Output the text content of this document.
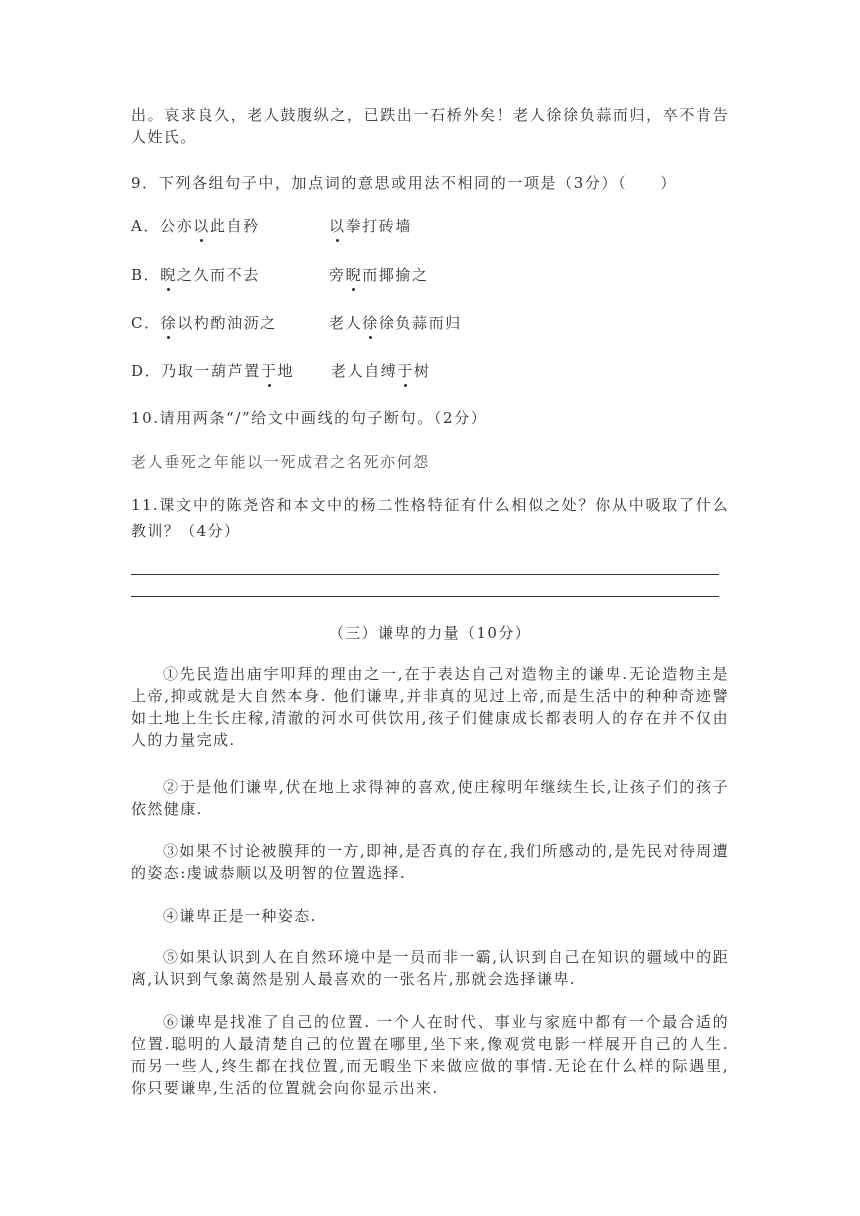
出。哀求良久，老人鼓腹纵之，已跌出一石桥外矣！老人徐徐负蒜而归，卒不肯告人姓氏。
9．下列各组句子中，加点词的意思或用法不相同的一项是（3分）（　　）
A．公亦以此自矜	以拳打砖墙
B．睨之久而不去	旁睨而揶揄之
C．徐以杓酌油沥之	老人徐徐负蒜而归
D．乃取一葫芦置于地 老人自缚于树
10.请用两条“/”给文中画线的句子断句。（2分）
老人垂死之年能以一死成君之名死亦何怨
11.课文中的陈尧咨和本文中的杨二性格特征有什么相似之处？你从中吸取了什么教训？（4分）
（三）谦卑的力量（10分）
①先民造出庙宇叩拜的理由之一,在于表达自己对造物主的谦卑.无论造物主是上帝,抑或就是大自然本身. 他们谦卑,并非真的见过上帝,而是生活中的种种奇迹譬如土地上生长庄稼,清澈的河水可供饮用,孩子们健康成长都表明人的存在并不仅由人的力量完成.
②于是他们谦卑,伏在地上求得神的喜欢,使庄稼明年继续生长,让孩子们的孩子依然健康.
③如果不讨论被膜拜的一方,即神,是否真的存在,我们所感动的,是先民对待周遭的姿态:虔诚恭顺以及明智的位置选择.
④谦卑正是一种姿态.
⑤如果认识到人在自然环境中是一员而非一霸,认识到自己在知识的疆域中的距离,认识到气象蔼然是别人最喜欢的一张名片,那就会选择谦卑.
⑥谦卑是找准了自己的位置. 一个人在时代、事业与家庭中都有一个最合适的位置.聪明的人最清楚自己的位置在哪里,坐下来,像观赏电影一样展开自己的人生.而另一些人,终生都在找位置,而无暇坐下来做应做的事情.无论在什么样的际遇里,你只要谦卑,生活的位置就会向你显示出来.
